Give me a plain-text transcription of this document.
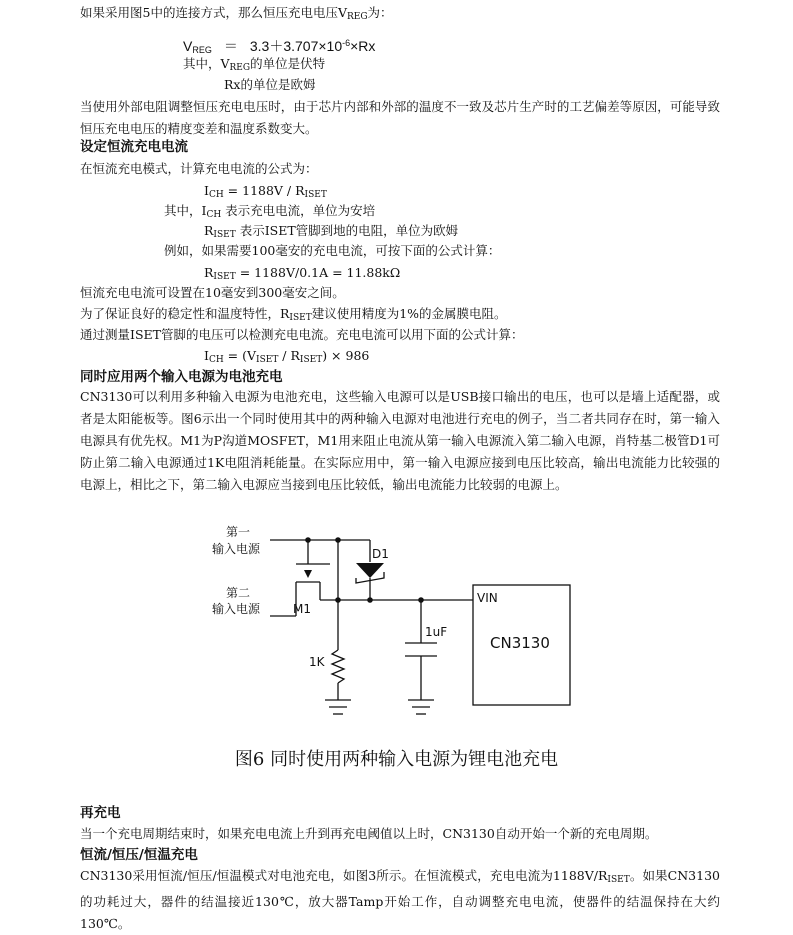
如果采用图5中的连接方式，那么恒压充电电压$V_{REG}$为：
$V_{REG} = 3.3+3.707\times 10^{-6}\times Rx$
其中，$V_{REG}$的单位是伏特
Rx的单位是欧姆
当使用外部电阻调整恒压充电电压时，由于芯片内部和外部的温度不一致及芯片生产时的工艺偏差等原因，可能导致恒压充电电压的精度变差和温度系数变大。
设定恒流充电电流
在恒流充电模式，计算充电电流的公式为：
$I_{CH} = 1188V / R_{ISET}$
其中，$I_{CH}$ 表示充电电流，单位为安培
$R_{ISET}$ 表示ISET管脚到地的电阻，单位为欧姆
例如，如果需要100毫安的充电电流，可按下面的公式计算：
$R_{ISET} = 1188V/0.1A = 11.88k\Omega$
恒流充电电流可设置在10毫安到300毫安之间。
为了保证良好的稳定性和温度特性，$R_{ISET}$建议使用精度为1%的金属膜电阻。
通过测量ISET管脚的电压可以检测充电电流。充电电流可以用下面的公式计算：
$I_{CH} = (V_{ISET} / R_{ISET}) \times 986$
同时应用两个输入电源为电池充电
CN3130可以利用多种输入电源为电池充电，这些输入电源可以是USB接口输出的电压，也可以是墙上适配器，或者是太阳能板等。图6示出一个同时使用其中的两种输入电源对电池进行充电的例子，当二者共同存在时，第一输入电源具有优先权。M1为P沟道MOSFET，M1用来阻止电流从第一输入电源流入第二输入电源，肖特基二极管D1可防止第二输入电源通过1K电阻消耗能量。在实际应用中，第一输入电源应接到电压比较高，输出电流能力比较强的电源上，相比之下，第二输入电源应当接到电压比较低，输出电流能力比较弱的电源上。
第一
输入电源
第二
输入电源
D1
M1
1K
1uF
VIN
CN3130
图6 同时使用两种输入电源为锂电池充电
再充电
当一个充电周期结束时，如果充电电流上升到再充电阈值以上时，CN3130自动开始一个新的充电周期。
恒流/恒压/恒温充电
CN3130采用恒流/恒压/恒温模式对电池充电，如图3所示。在恒流模式，充电电流为$1188V/R_{ISET}$。如果CN3130的功耗过大，器件的结温接近130℃，放大器Tamp开始工作，自动调整充电电流，使器件的结温保持在大约130℃。
